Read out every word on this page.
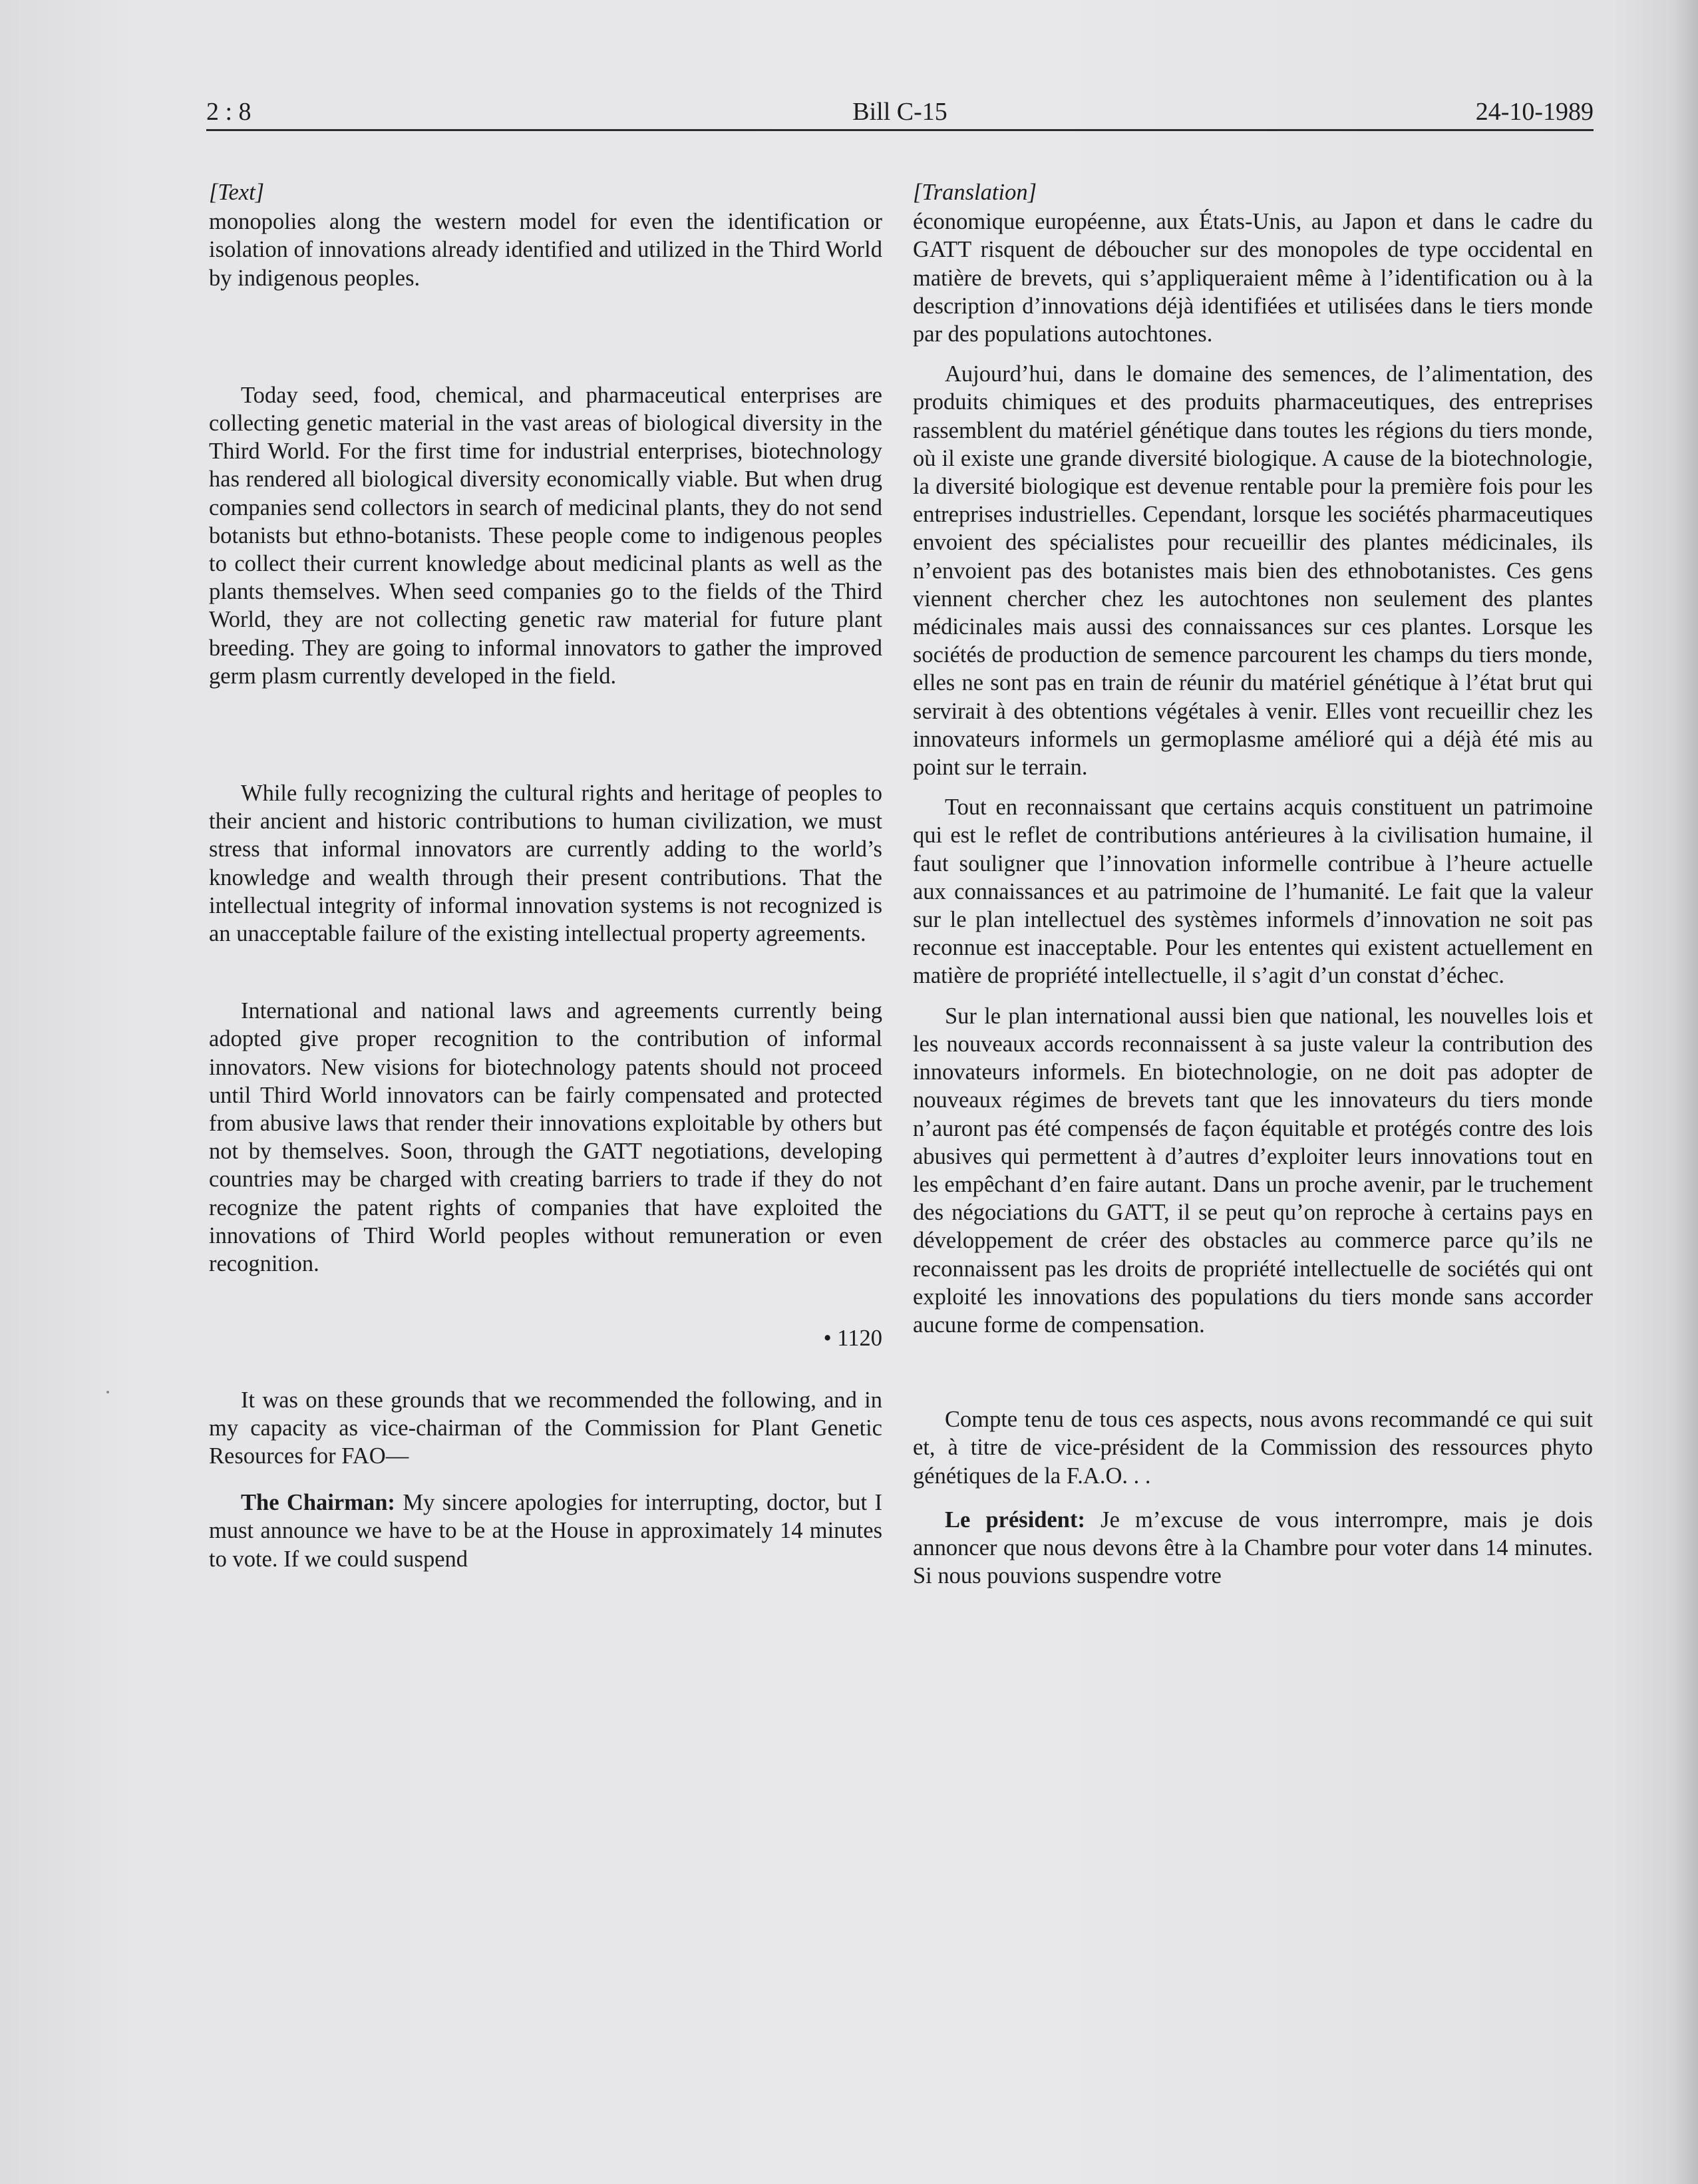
2 : 8	Bill C-15	24-10-1989
[Text]

monopolies along the western model for even the identification or isolation of innovations already identified and utilized in the Third World by indigenous peoples.

Today seed, food, chemical, and pharmaceutical enterprises are collecting genetic material in the vast areas of biological diversity in the Third World. For the first time for industrial enterprises, biotechnology has rendered all biological diversity economically viable. But when drug companies send collectors in search of medicinal plants, they do not send botanists but ethno-botanists. These people come to indigenous peoples to collect their current knowledge about medicinal plants as well as the plants themselves. When seed companies go to the fields of the Third World, they are not collecting genetic raw material for future plant breeding. They are going to informal innovators to gather the improved germ plasm currently developed in the field.

While fully recognizing the cultural rights and heritage of peoples to their ancient and historic contributions to human civilization, we must stress that informal innovators are currently adding to the world’s knowledge and wealth through their present contributions. That the intellectual integrity of informal innovation systems is not recognized is an unacceptable failure of the existing intellectual property agreements.

International and national laws and agreements currently being adopted give proper recognition to the contribution of informal innovators. New visions for biotechnology patents should not proceed until Third World innovators can be fairly compensated and protected from abusive laws that render their innovations exploitable by others but not by themselves. Soon, through the GATT negotiations, developing countries may be charged with creating barriers to trade if they do not recognize the patent rights of companies that have exploited the innovations of Third World peoples without remuneration or even recognition.

• 1120

It was on these grounds that we recommended the following, and in my capacity as vice-chairman of the Commission for Plant Genetic Resources for FAO—

The Chairman: My sincere apologies for interrupting, doctor, but I must announce we have to be at the House in approximately 14 minutes to vote. If we could suspend

[Translation]

économique européenne, aux États-Unis, au Japon et dans le cadre du GATT risquent de déboucher sur des monopoles de type occidental en matière de brevets, qui s’appliqueraient même à l’identification ou à la description d’innovations déjà identifiées et utilisées dans le tiers monde par des populations autochtones.

Aujourd’hui, dans le domaine des semences, de l’alimentation, des produits chimiques et des produits pharmaceutiques, des entreprises rassemblent du matériel génétique dans toutes les régions du tiers monde, où il existe une grande diversité biologique. A cause de la biotechnologie, la diversité biologique est devenue rentable pour la première fois pour les entreprises industrielles. Cependant, lorsque les sociétés pharmaceutiques envoient des spécialistes pour recueillir des plantes médicinales, ils n’envoient pas des botanistes mais bien des ethnobotanistes. Ces gens viennent chercher chez les autochtones non seulement des plantes médicinales mais aussi des connaissances sur ces plantes. Lorsque les sociétés de production de semence parcourent les champs du tiers monde, elles ne sont pas en train de réunir du matériel génétique à l’état brut qui servirait à des obtentions végétales à venir. Elles vont recueillir chez les innovateurs informels un germoplasme amélioré qui a déjà été mis au point sur le terrain.

Tout en reconnaissant que certains acquis constituent un patrimoine qui est le reflet de contributions antérieures à la civilisation humaine, il faut souligner que l’innovation informelle contribue à l’heure actuelle aux connaissances et au patrimoine de l’humanité. Le fait que la valeur sur le plan intellectuel des systèmes informels d’innovation ne soit pas reconnue est inacceptable. Pour les ententes qui existent actuellement en matière de propriété intellectuelle, il s’agit d’un constat d’échec.

Sur le plan international aussi bien que national, les nouvelles lois et les nouveaux accords reconnaissent à sa juste valeur la contribution des innovateurs informels. En biotechnologie, on ne doit pas adopter de nouveaux régimes de brevets tant que les innovateurs du tiers monde n’auront pas été compensés de façon équitable et protégés contre des lois abusives qui permettent à d’autres d’exploiter leurs innovations tout en les empêchant d’en faire autant. Dans un proche avenir, par le truchement des négociations du GATT, il se peut qu’on reproche à certains pays en développement de créer des obstacles au commerce parce qu’ils ne reconnaissent pas les droits de propriété intellectuelle de sociétés qui ont exploité les innovations des populations du tiers monde sans accorder aucune forme de compensation.

Compte tenu de tous ces aspects, nous avons recommandé ce qui suit et, à titre de vice-président de la Commission des ressources phyto génétiques de la F.A.O. . .

Le président: Je m’excuse de vous interrompre, mais je dois annoncer que nous devons être à la Chambre pour voter dans 14 minutes. Si nous pouvions suspendre votre
